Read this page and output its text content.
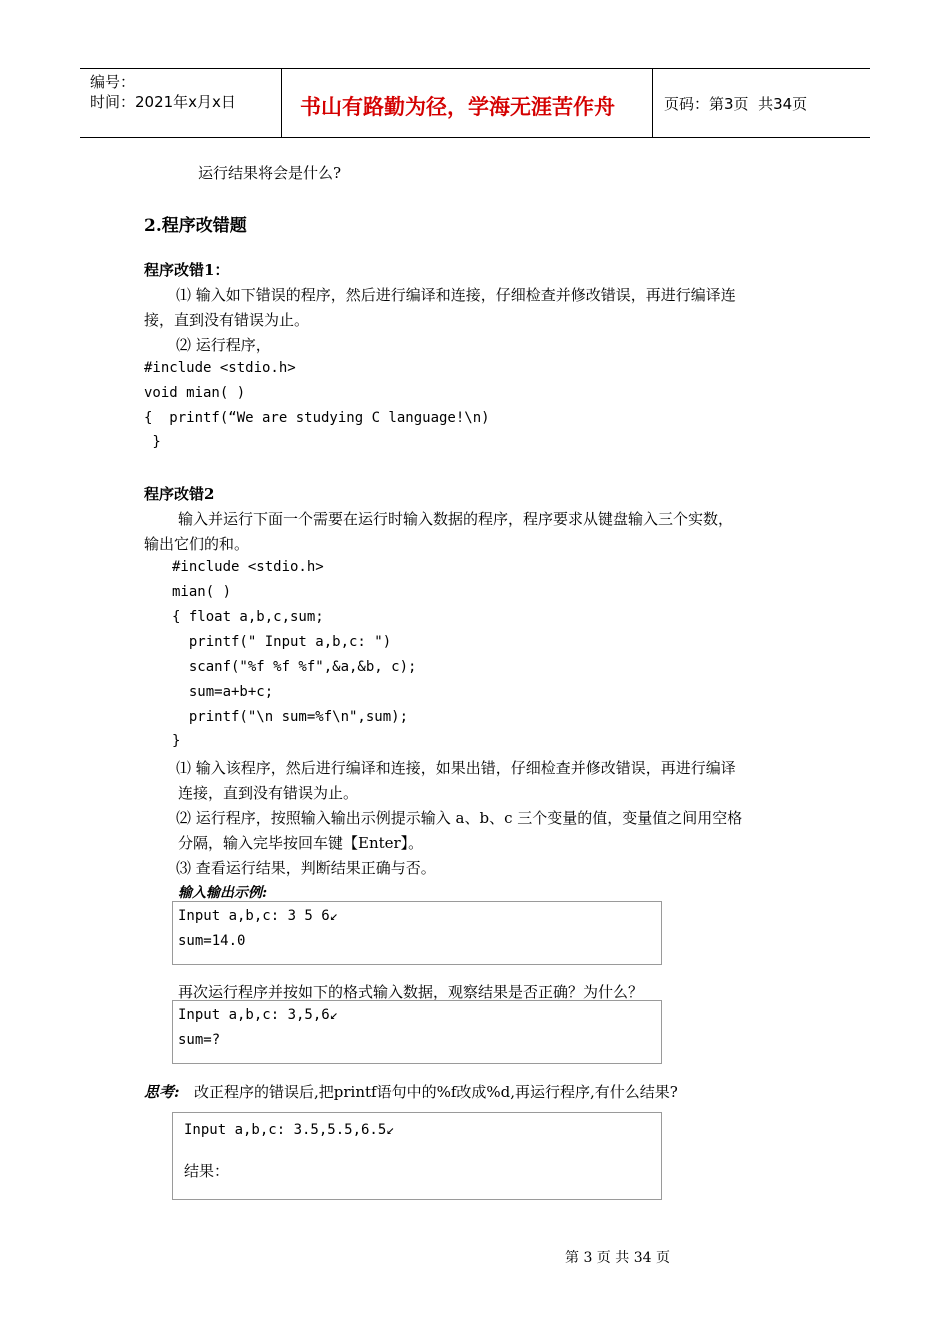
编号：
时间：2021年x月x日	书山有路勤为径，学海无涯苦作舟	页码：第3页  共34页
运行结果将会是什么?
2.程序改错题
程序改错1：
⑴ 输入如下错误的程序，然后进行编译和连接，仔细检查并修改错误，再进行编译连
接，直到没有错误为止。
⑵ 运行程序，
#include <stdio.h>
void mian( )
{  printf(“We are studying C language!\n)
}
程序改错2
输入并运行下面一个需要在运行时输入数据的程序，程序要求从键盘输入三个实数，
输出它们的和。
#include <stdio.h>
mian( )
{ float a,b,c,sum;
printf(" Input a,b,c: ")
scanf("%f %f %f",&a,&b, c);
sum=a+b+c;
printf("\n sum=%f\n",sum);
}
⑴ 输入该程序，然后进行编译和连接，如果出错，仔细检查并修改错误，再进行编译
连接，直到没有错误为止。
⑵ 运行程序，按照输入输出示例提示输入 a、b、c 三个变量的值，变量值之间用空格
分隔，输入完毕按回车键【Enter】。
⑶ 查看运行结果，判断结果正确与否。
输入输出示例:
Input a,b,c: 3 5 6↙
sum=14.0
再次运行程序并按如下的格式输入数据，观察结果是否正确？为什么？
Input a,b,c: 3,5,6↙
sum=?
思考: 改正程序的错误后,把printf语句中的%f改成%d,再运行程序,有什么结果?
Input a,b,c: 3.5,5.5,6.5↙
结果：
第 3 页 共 34 页
